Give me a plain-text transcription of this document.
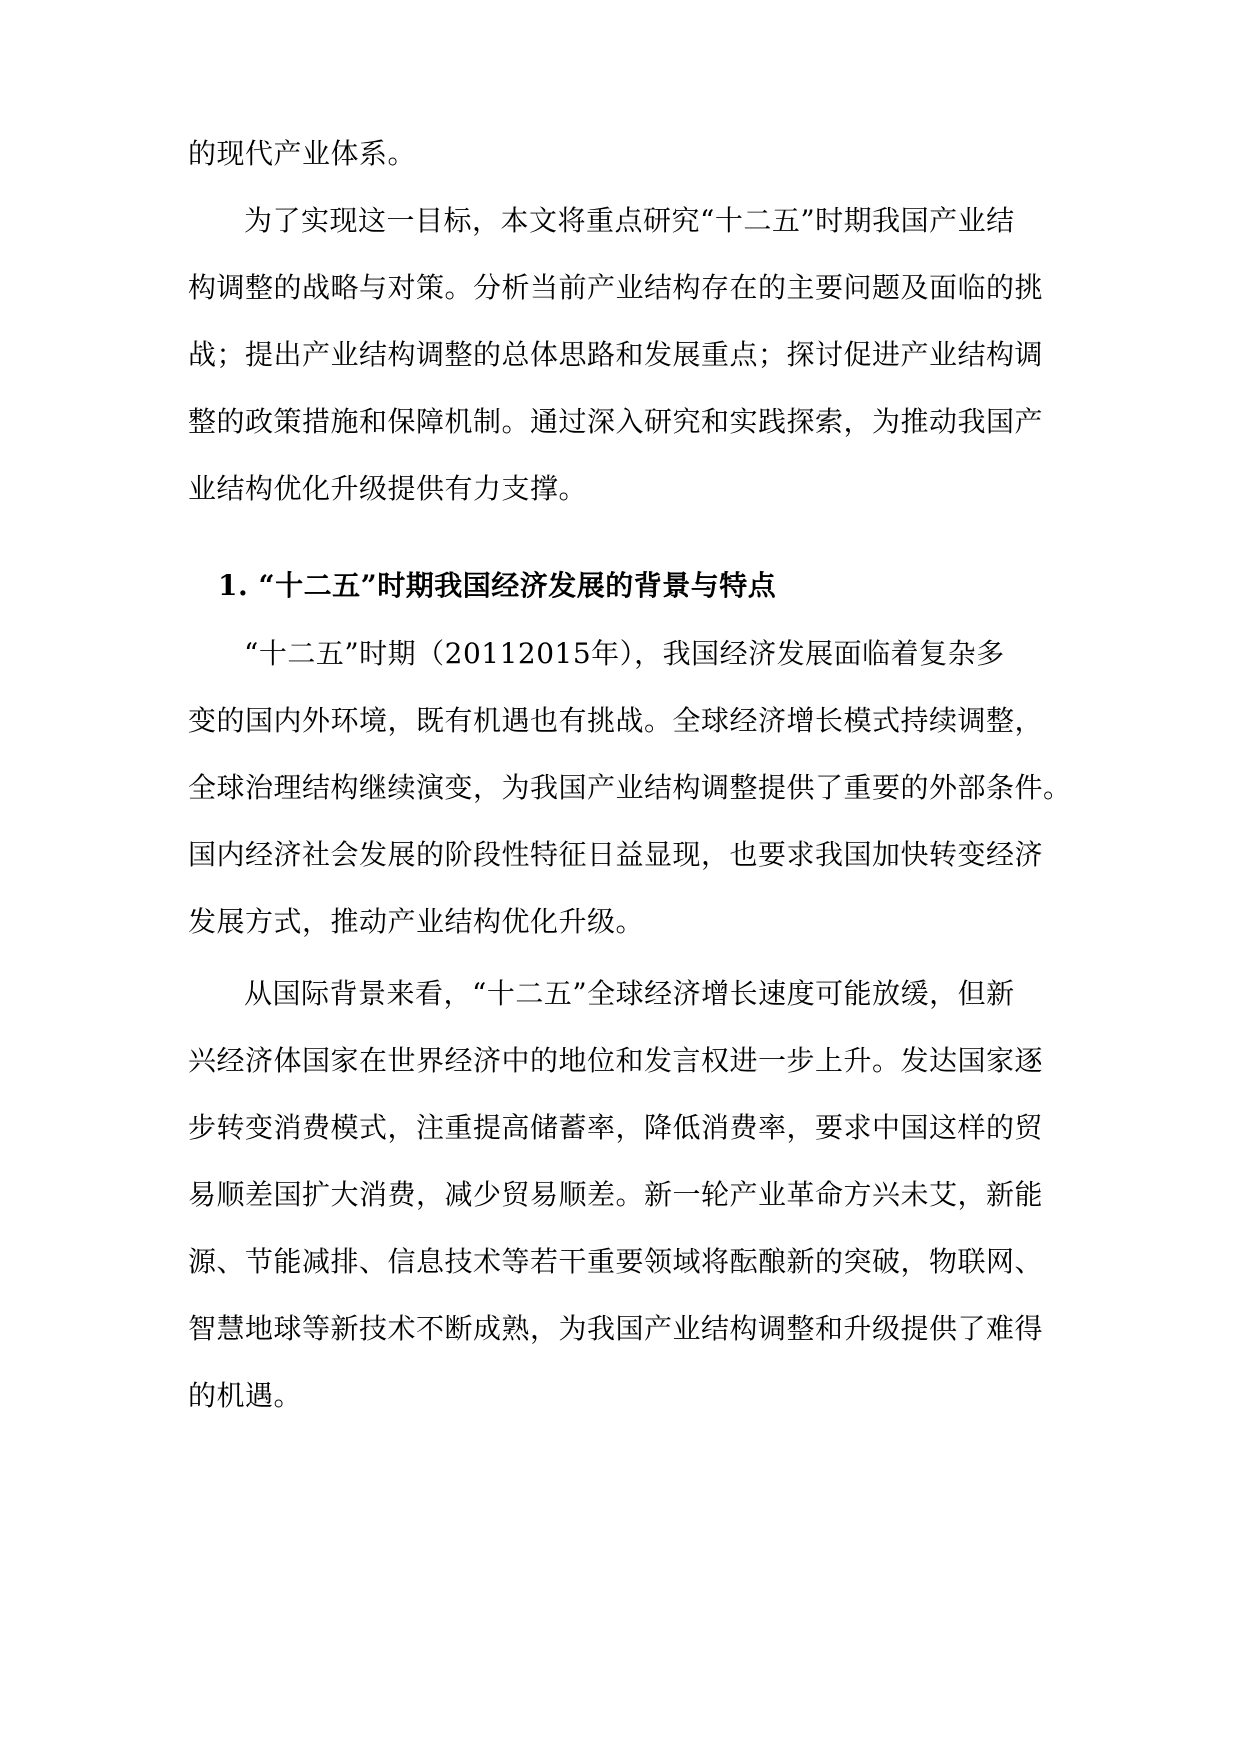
的现代产业体系。
为了实现这一目标，本文将重点研究“十二五”时期我国产业结
构调整的战略与对策。分析当前产业结构存在的主要问题及面临的挑
战；提出产业结构调整的总体思路和发展重点；探讨促进产业结构调
整的政策措施和保障机制。通过深入研究和实践探索，为推动我国产
业结构优化升级提供有力支撑。
1. “十二五”时期我国经济发展的背景与特点
“十二五”时期（20112015年），我国经济发展面临着复杂多
变的国内外环境，既有机遇也有挑战。全球经济增长模式持续调整，
全球治理结构继续演变，为我国产业结构调整提供了重要的外部条件。
国内经济社会发展的阶段性特征日益显现，也要求我国加快转变经济
发展方式，推动产业结构优化升级。
从国际背景来看，“十二五”全球经济增长速度可能放缓，但新
兴经济体国家在世界经济中的地位和发言权进一步上升。发达国家逐
步转变消费模式，注重提高储蓄率，降低消费率，要求中国这样的贸
易顺差国扩大消费，减少贸易顺差。新一轮产业革命方兴未艾，新能
源、节能减排、信息技术等若干重要领域将酝酿新的突破，物联网、
智慧地球等新技术不断成熟，为我国产业结构调整和升级提供了难得
的机遇。
